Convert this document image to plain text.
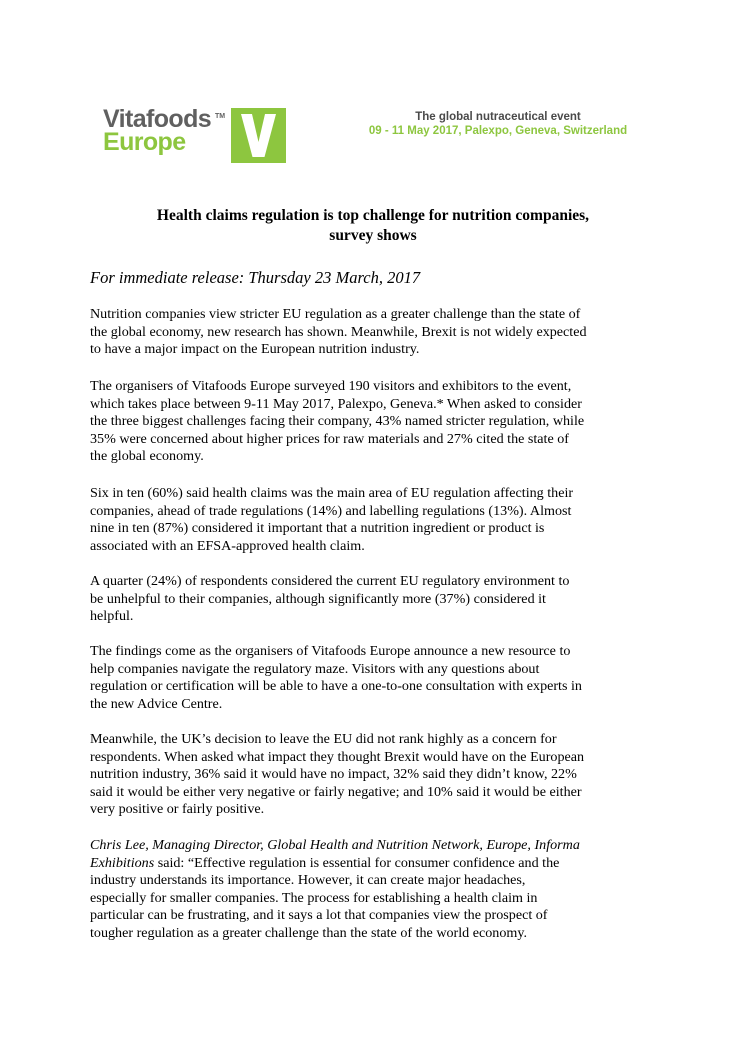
Vitafoods TM
Europe
The global nutraceutical event
09 - 11 May 2017, Palexpo, Geneva, Switzerland
Health claims regulation is top challenge for nutrition companies,
survey shows
For immediate release: Thursday 23 March, 2017

Nutrition companies view stricter EU regulation as a greater challenge than the state of
the global economy, new research has shown. Meanwhile, Brexit is not widely expected
to have a major impact on the European nutrition industry.

The organisers of Vitafoods Europe surveyed 190 visitors and exhibitors to the event,
which takes place between 9-11 May 2017, Palexpo, Geneva.* When asked to consider
the three biggest challenges facing their company, 43% named stricter regulation, while
35% were concerned about higher prices for raw materials and 27% cited the state of
the global economy.

Six in ten (60%) said health claims was the main area of EU regulation affecting their
companies, ahead of trade regulations (14%) and labelling regulations (13%). Almost
nine in ten (87%) considered it important that a nutrition ingredient or product is
associated with an EFSA-approved health claim.

A quarter (24%) of respondents considered the current EU regulatory environment to
be unhelpful to their companies, although significantly more (37%) considered it
helpful.

The findings come as the organisers of Vitafoods Europe announce a new resource to
help companies navigate the regulatory maze. Visitors with any questions about
regulation or certification will be able to have a one-to-one consultation with experts in
the new Advice Centre.

Meanwhile, the UK’s decision to leave the EU did not rank highly as a concern for
respondents. When asked what impact they thought Brexit would have on the European
nutrition industry, 36% said it would have no impact, 32% said they didn’t know, 22%
said it would be either very negative or fairly negative; and 10% said it would be either
very positive or fairly positive.

Chris Lee, Managing Director, Global Health and Nutrition Network, Europe, Informa
Exhibitions said: “Effective regulation is essential for consumer confidence and the
industry understands its importance. However, it can create major headaches,
especially for smaller companies. The process for establishing a health claim in
particular can be frustrating, and it says a lot that companies view the prospect of
tougher regulation as a greater challenge than the state of the world economy.
